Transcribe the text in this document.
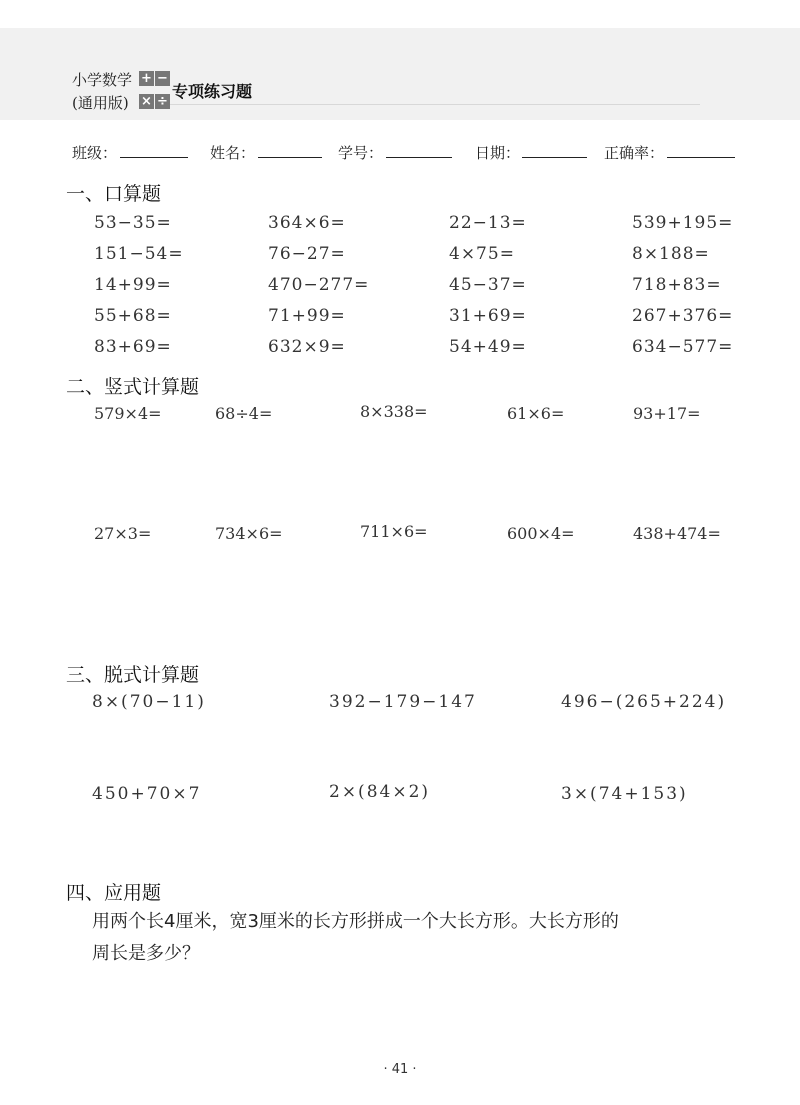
小学数学
(通用版)
+ −
× ÷
专项练习题
班级：	姓名：	学号：	日期：	正确率：
一、口算题
53−35=	364×6=	22−13=	539+195=
151−54=	76−27=	4×75=	8×188=
14+99=	470−277=	45−37=	718+83=
55+68=	71+99=	31+69=	267+376=
83+69=	632×9=	54+49=	634−577=
二、竖式计算题
579×4=	68÷4=	8×338=	61×6=	93+17=
27×3=	734×6=	711×6=	600×4=	438+474=
三、脱式计算题
8×(70−11)	392−179−147	496−(265+224)
450+70×7	2×(84×2)	3×(74+153)
四、应用题
用两个长4厘米，宽3厘米的长方形拼成一个大长方形。大长方形的
周长是多少？
· 41 ·
